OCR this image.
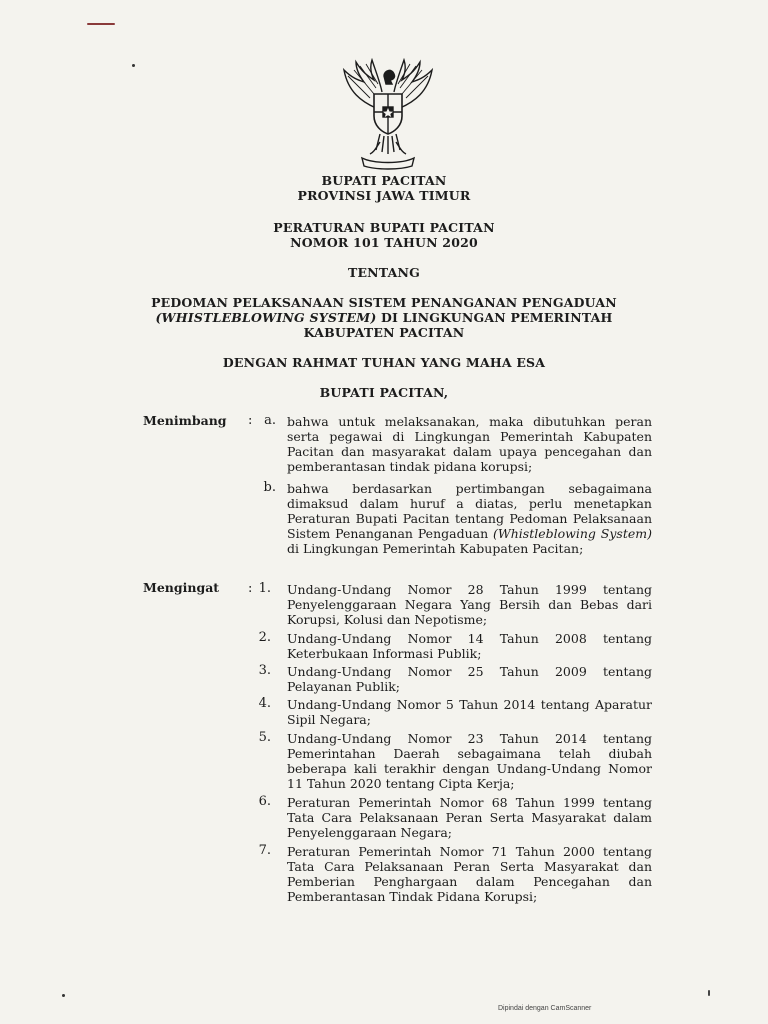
BUPATI PACITAN
PROVINSI JAWA TIMUR
PERATURAN BUPATI PACITAN
NOMOR 101 TAHUN 2020
TENTANG
PEDOMAN PELAKSANAAN SISTEM PENANGANAN PENGADUAN
(WHISTLEBLOWING SYSTEM) DI LINGKUNGAN PEMERINTAH
KABUPATEN PACITAN
DENGAN RAHMAT TUHAN YANG MAHA ESA
BUPATI PACITAN,
Menimbang : a. bahwa untuk melaksanakan, maka dibutuhkan peran serta pegawai di Lingkungan Pemerintah Kabupaten Pacitan dan masyarakat dalam upaya pencegahan dan pemberantasan tindak pidana korupsi;
b. bahwa berdasarkan pertimbangan sebagaimana dimaksud dalam huruf a diatas, perlu menetapkan Peraturan Bupati Pacitan tentang Pedoman Pelaksanaan Sistem Penanganan Pengaduan (Whistleblowing System) di Lingkungan Pemerintah Kabupaten Pacitan;
Mengingat : 1. Undang-Undang Nomor 28 Tahun 1999 tentang Penyelenggaraan Negara Yang Bersih dan Bebas dari Korupsi, Kolusi dan Nepotisme;
2. Undang-Undang Nomor 14 Tahun 2008 tentang Keterbukaan Informasi Publik;
3. Undang-Undang Nomor 25 Tahun 2009 tentang Pelayanan Publik;
4. Undang-Undang Nomor 5 Tahun 2014 tentang Aparatur Sipil Negara;
5. Undang-Undang Nomor 23 Tahun 2014 tentang Pemerintahan Daerah sebagaimana telah diubah beberapa kali terakhir dengan Undang-Undang Nomor 11 Tahun 2020 tentang Cipta Kerja;
6. Peraturan Pemerintah Nomor 68 Tahun 1999 tentang Tata Cara Pelaksanaan Peran Serta Masyarakat dalam Penyelenggaraan Negara;
7. Peraturan Pemerintah Nomor 71 Tahun 2000 tentang Tata Cara Pelaksanaan Peran Serta Masyarakat dan Pemberian Penghargaan dalam Pencegahan dan Pemberantasan Tindak Pidana Korupsi;
Dipindai dengan CamScanner
